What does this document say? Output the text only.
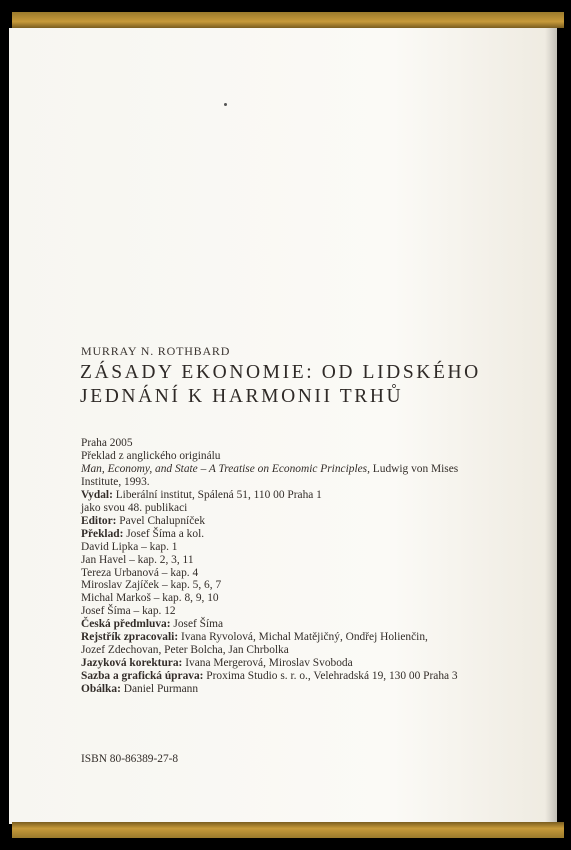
MURRAY N. ROTHBARD
ZÁSADY EKONOMIE: OD LIDSKÉHO
JEDNÁNÍ K HARMONII TRHŮ
Praha 2005
Překlad z anglického originálu
Man, Economy, and State – A Treatise on Economic Principles, Ludwig von Mises
Institute, 1993.
Vydal: Liberální institut, Spálená 51, 110 00 Praha 1
jako svou 48. publikaci
Editor: Pavel Chalupníček
Překlad: Josef Šíma a kol.
David Lipka – kap. 1
Jan Havel – kap. 2, 3, 11
Tereza Urbanová – kap. 4
Miroslav Zajíček – kap. 5, 6, 7
Michal Markoš – kap. 8, 9, 10
Josef Šíma – kap. 12
Česká předmluva: Josef Šíma
Rejstřík zpracovali: Ivana Ryvolová, Michal Matějičný, Ondřej Holienčin,
Jozef Zdechovan, Peter Bolcha, Jan Chrbolka
Jazyková korektura: Ivana Mergerová, Miroslav Svoboda
Sazba a grafická úprava: Proxima Studio s. r. o., Velehradská 19, 130 00 Praha 3
Obálka: Daniel Purmann
ISBN 80-86389-27-8
